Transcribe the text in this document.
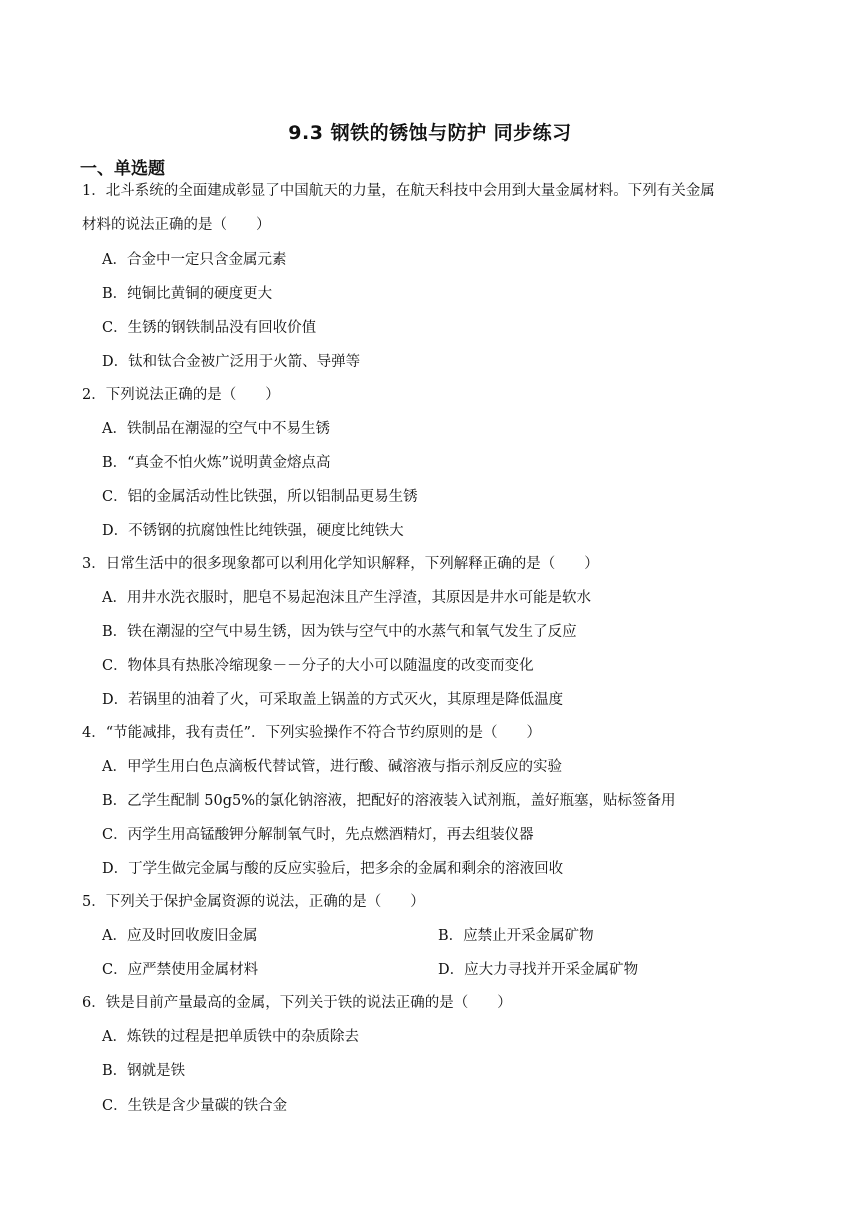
9.3 钢铁的锈蚀与防护 同步练习
一、单选题
1．北斗系统的全面建成彰显了中国航天的力量，在航天科技中会用到大量金属材料。下列有关金属
材料的说法正确的是（　　）
A．合金中一定只含金属元素
B．纯铜比黄铜的硬度更大
C．生锈的钢铁制品没有回收价值
D．钛和钛合金被广泛用于火箭、导弹等
2．下列说法正确的是（　　）
A．铁制品在潮湿的空气中不易生锈
B．“真金不怕火炼”说明黄金熔点高
C．铝的金属活动性比铁强，所以铝制品更易生锈
D．不锈钢的抗腐蚀性比纯铁强，硬度比纯铁大
3．日常生活中的很多现象都可以利用化学知识解释，下列解释正确的是（　　）
A．用井水洗衣服时，肥皂不易起泡沫且产生浮渣，其原因是井水可能是软水
B．铁在潮湿的空气中易生锈，因为铁与空气中的水蒸气和氧气发生了反应
C．物体具有热胀冷缩现象－－分子的大小可以随温度的改变而变化
D．若锅里的油着了火，可采取盖上锅盖的方式灭火，其原理是降低温度
4．“节能减排，我有责任”．下列实验操作不符合节约原则的是（　　）
A．甲学生用白色点滴板代替试管，进行酸、碱溶液与指示剂反应的实验
B．乙学生配制 50g5%的氯化钠溶液，把配好的溶液装入试剂瓶，盖好瓶塞，贴标签备用
C．丙学生用高锰酸钾分解制氧气时，先点燃酒精灯，再去组装仪器
D．丁学生做完金属与酸的反应实验后，把多余的金属和剩余的溶液回收
5．下列关于保护金属资源的说法，正确的是（　　）
A．应及时回收废旧金属	B．应禁止开采金属矿物
C．应严禁使用金属材料	D．应大力寻找并开采金属矿物
6．铁是目前产量最高的金属，下列关于铁的说法正确的是（　　）
A．炼铁的过程是把单质铁中的杂质除去
B．钢就是铁
C．生铁是含少量碳的铁合金
